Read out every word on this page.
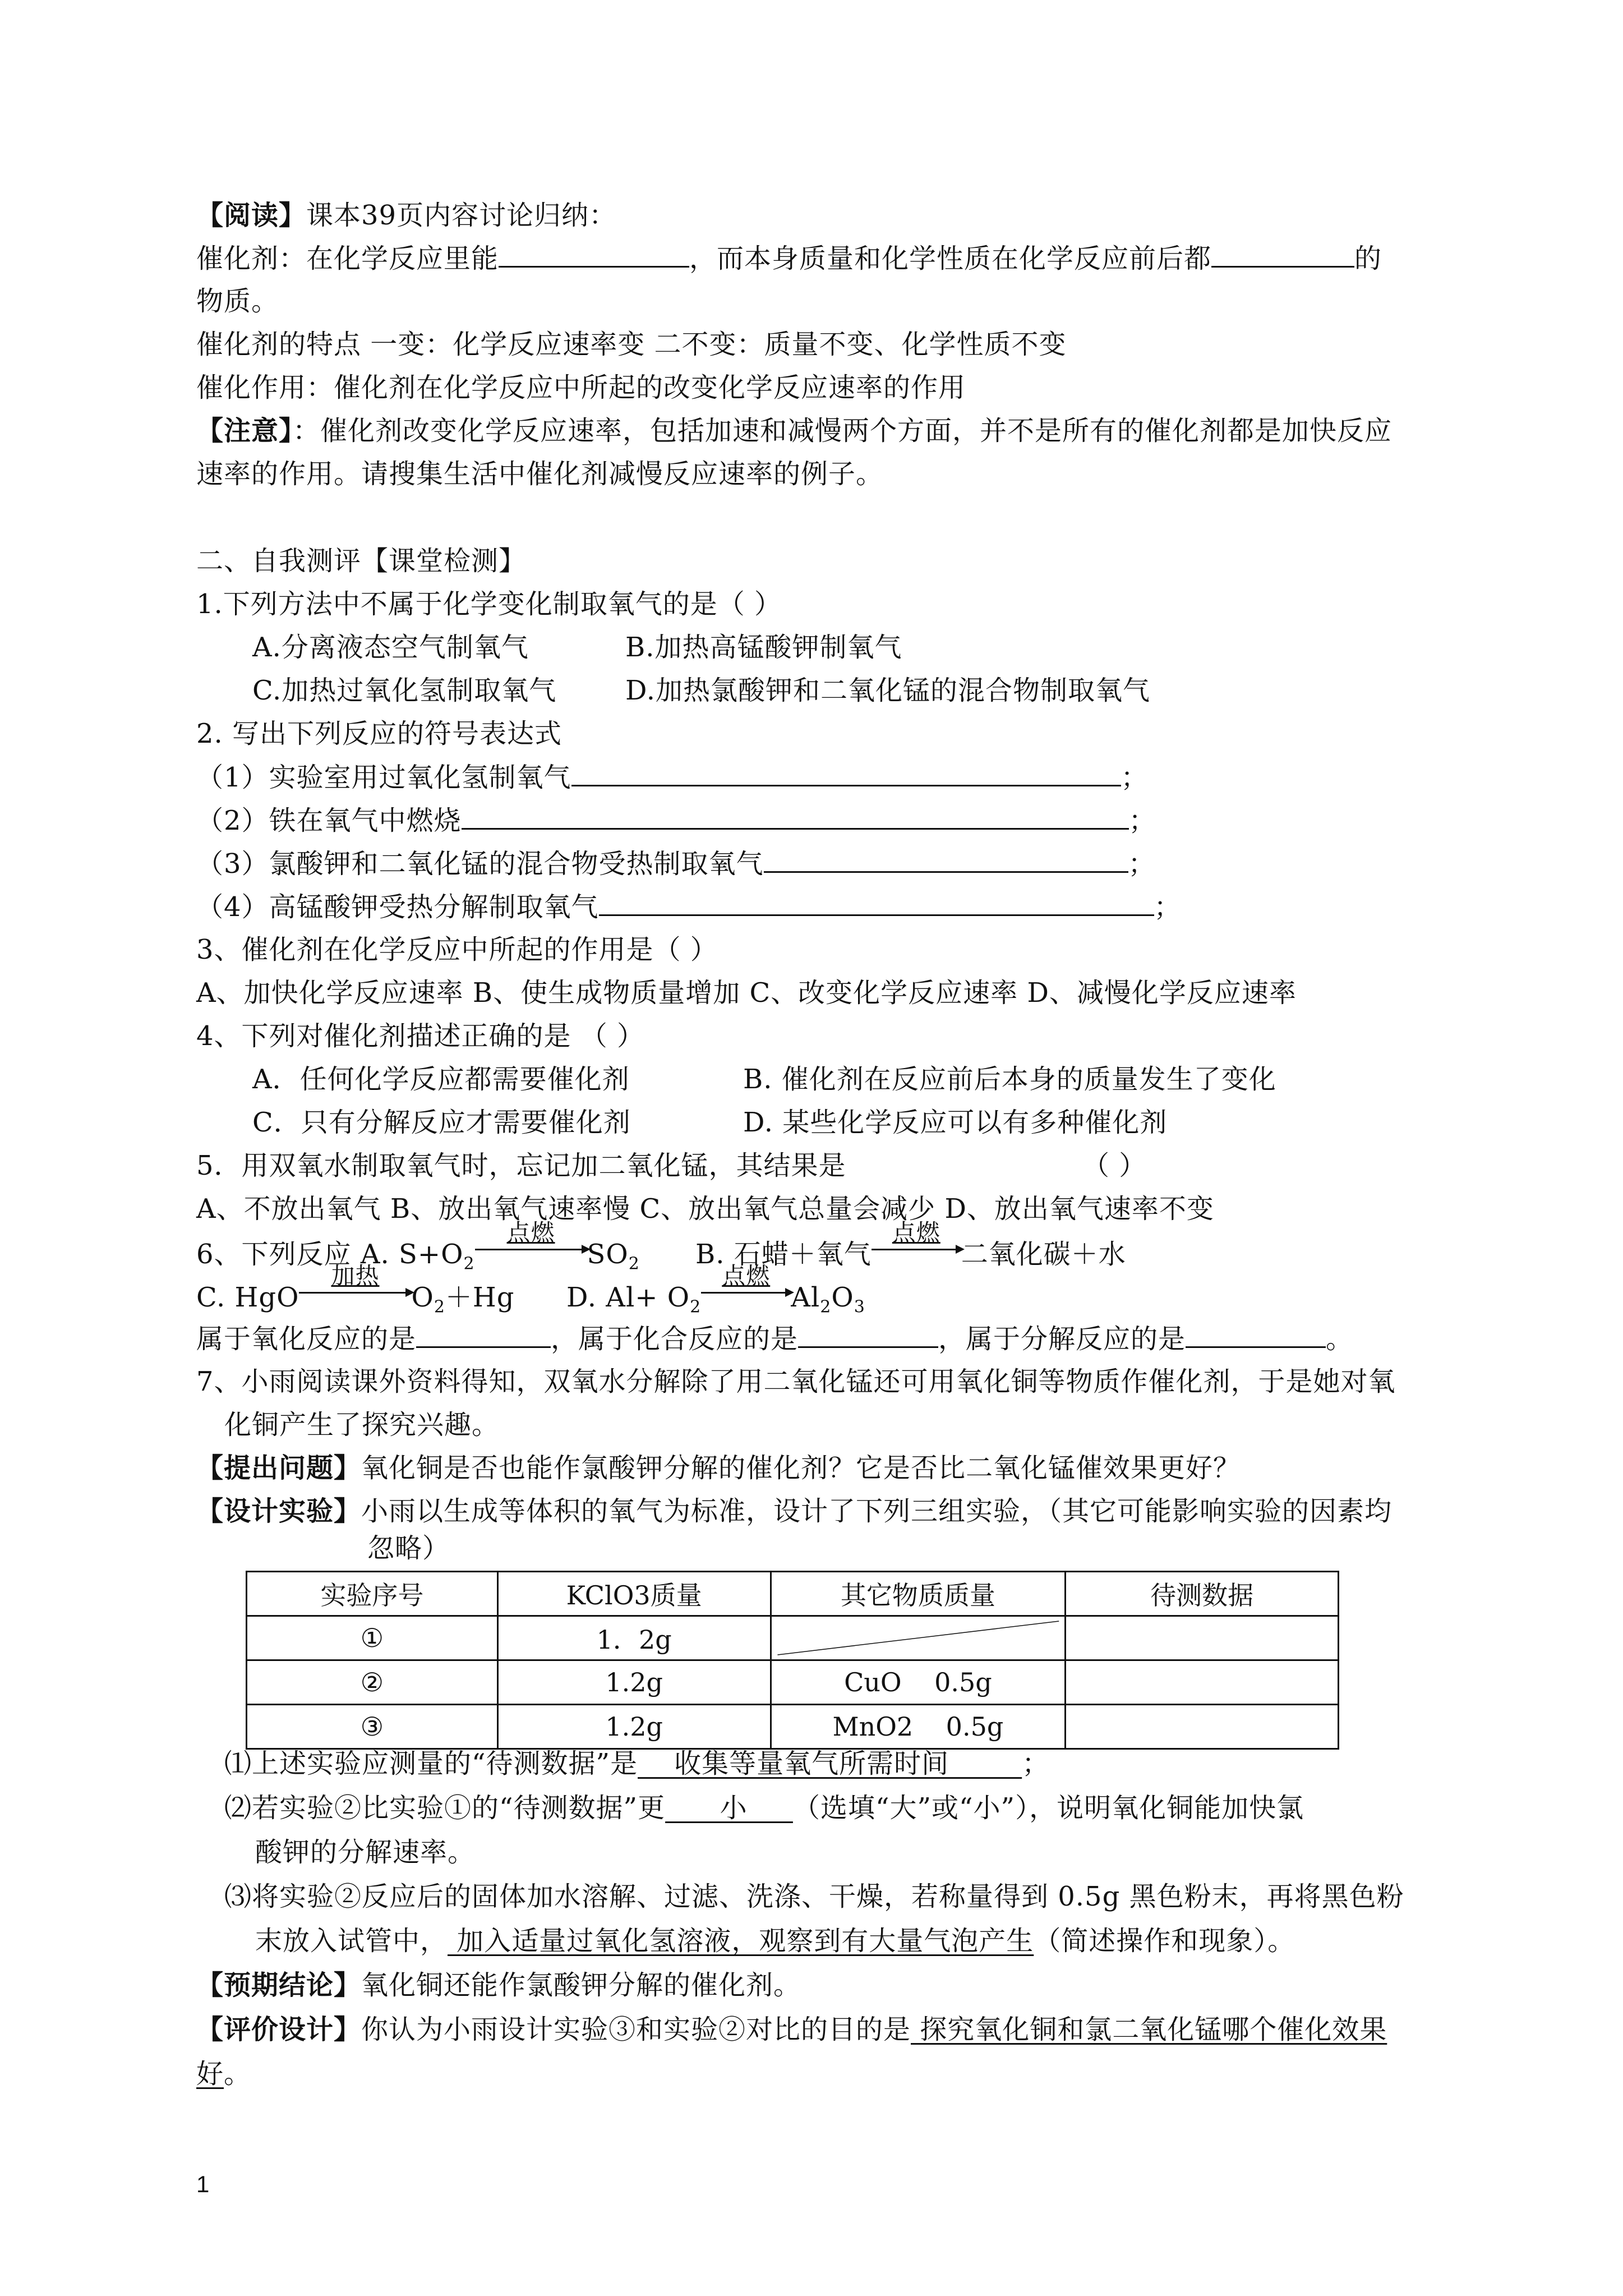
【阅读】课本39页内容讨论归纳：
催化剂：在化学反应里能	，而本身质量和化学性质在化学反应前后都	的
物质。
催化剂的特点 一变：化学反应速率变 二不变：质量不变、化学性质不变
催化作用：催化剂在化学反应中所起的改变化学反应速率的作用
【注意】：催化剂改变化学反应速率，包括加速和减慢两个方面，并不是所有的催化剂都是加快反应
速率的作用。请搜集生活中催化剂减慢反应速率的例子。
二、自我测评【课堂检测】
1.下列方法中不属于化学变化制取氧气的是（ ）
A.分离液态空气制氧气	B.加热高锰酸钾制氧气
C.加热过氧化氢制取氧气	D.加热氯酸钾和二氧化锰的混合物制取氧气
2. 写出下列反应的符号表达式
（1）实验室用过氧化氢制氧气	；
（2）铁在氧气中燃烧	；
（3）氯酸钾和二氧化锰的混合物受热制取氧气	；
（4）高锰酸钾受热分解制取氧气	；
3、催化剂在化学反应中所起的作用是（ ）
A、加快化学反应速率 B、使生成物质量增加 C、改变化学反应速率 D、减慢化学反应速率
4、下列对催化剂描述正确的是 （ ）
A．任何化学反应都需要催化剂	B. 催化剂在反应前后本身的质量发生了变化
C．只有分解反应才需要催化剂	D. 某些化学反应可以有多种催化剂
5．用双氧水制取氧气时，忘记加二氧化锰，其结果是	（ ）
A、不放出氧气 B、放出氧气速率慢 C、放出氧气总量会减少 D、放出氧气速率不变
6、下列反应 A. $S+O_2$
点燃
$SO_2$ B. 石蜡＋氧气
点燃
二氧化碳＋水
C. HgO
加热
$O_2+Hg$ D. $Al+ O_2$
点燃
$Al_2O_3$
属于氧化反应的是	，属于化合反应的是	，属于分解反应的是	。
7、小雨阅读课外资料得知，双氧水分解除了用二氧化锰还可用氧化铜等物质作催化剂，于是她对氧
化铜产生了探究兴趣。
【提出问题】氧化铜是否也能作氯酸钾分解的催化剂？它是否比二氧化锰催效果更好？
【设计实验】小雨以生成等体积的氧气为标准，设计了下列三组实验，（其它可能影响实验的因素均
忽略）
实验序号	KClO3质量	其它物质质量	待测数据
①	1．2g	

②	1.2g	CuO    0.5g	
③	1.2g	MnO2    0.5g	
⑴上述实验应测量的“待测数据”是    收集等量氧气所需时间        ；
⑵若实验②比实验①的“待测数据”更      小     （选填“大”或“小”），说明氧化铜能加快氯
酸钾的分解速率。
⑶将实验②反应后的固体加水溶解、过滤、洗涤、干燥，若称量得到 0.5g 黑色粉末，再将黑色粉
末放入试管中， 加入适量过氧化氢溶液，观察到有大量气泡产生（简述操作和现象）。
【预期结论】氧化铜还能作氯酸钾分解的催化剂。
【评价设计】你认为小雨设计实验③和实验②对比的目的是 探究氧化铜和氯二氧化锰哪个催化效果
好。
1
